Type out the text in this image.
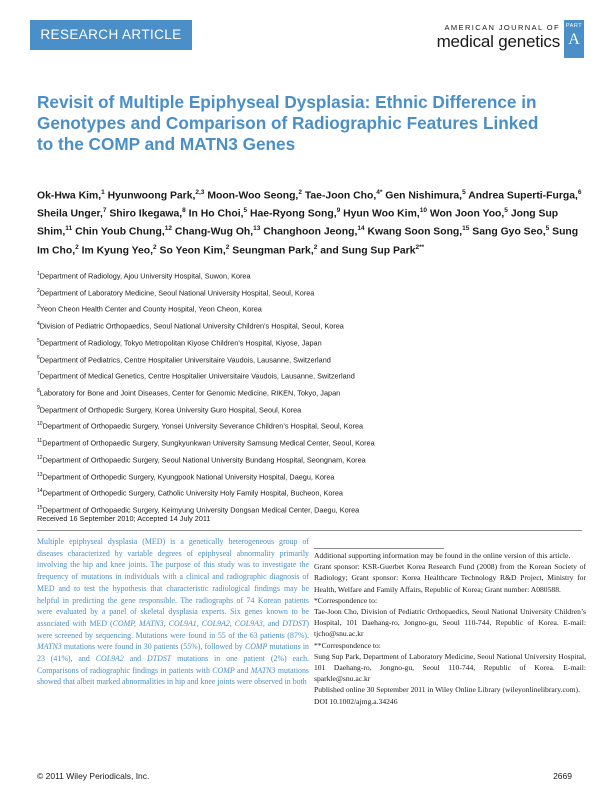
RESEARCH ARTICLE	AMERICAN JOURNAL OF
medical genetics
PART
A
Revisit of Multiple Epiphyseal Dysplasia: Ethnic Difference in Genotypes and Comparison of Radiographic Features Linked to the COMP and MATN3 Genes
Ok-Hwa Kim,$^1$ Hyunwoong Park,$^{2,3}$ Moon-Woo Seong,$^2$ Tae-Joon Cho,$^{4*}$ Gen Nishimura,$^5$ Andrea Superti-Furga,$^6$ Sheila Unger,$^7$ Shiro Ikegawa,$^8$ In Ho Choi,$^5$ Hae-Ryong Song,$^9$ Hyun Woo Kim,$^{10}$ Won Joon Yoo,$^5$ Jong Sup Shim,$^{11}$ Chin Youb Chung,$^{12}$ Chang-Wug Oh,$^{13}$ Changhoon Jeong,$^{14}$ Kwang Soon Song,$^{15}$ Sang Gyo Seo,$^5$ Sung Im Cho,$^2$ Im Kyung Yeo,$^2$ So Yeon Kim,$^2$ Seungman Park,$^2$ and Sung Sup Park$^{2**}$
$^1$Department of Radiology, Ajou University Hospital, Suwon, Korea
$^2$Department of Laboratory Medicine, Seoul National University Hospital, Seoul, Korea
$^3$Yeon Cheon Health Center and County Hospital, Yeon Cheon, Korea
$^4$Division of Pediatric Orthopaedics, Seoul National University Children’s Hospital, Seoul, Korea
$^5$Department of Radiology, Tokyo Metropolitan Kiyose Children’s Hospital, Kiyose, Japan
$^6$Department of Pediatrics, Centre Hospitalier Universitaire Vaudois, Lausanne, Switzerland
$^7$Department of Medical Genetics, Centre Hospitalier Universitaire Vaudois, Lausanne, Switzerland
$^8$Laboratory for Bone and Joint Diseases, Center for Genomic Medicine, RIKEN, Tokyo, Japan
$^9$Department of Orthopedic Surgery, Korea University Guro Hospital, Seoul, Korea
$^{10}$Department of Orthopaedic Surgery, Yonsei University Severance Children’s Hospital, Seoul, Korea
$^{11}$Department of Orthopaedic Surgery, Sungkyunkwan University Samsung Medical Center, Seoul, Korea
$^{12}$Department of Orthopaedic Surgery, Seoul National University Bundang Hospital, Seongnam, Korea
$^{13}$Department of Orthopedic Surgery, Kyungpook National University Hospital, Daegu, Korea
$^{14}$Department of Orthopedic Surgery, Catholic University Holy Family Hospital, Bucheon, Korea
$^{15}$Department of Orthopaedic Surgery, Keimyung University Dongsan Medical Center, Daegu, Korea
Received 16 September 2010; Accepted 14 July 2011
Multiple epiphyseal dysplasia (MED) is a genetically heterogeneous group of diseases characterized by variable degrees of epiphyseal abnormality primarily involving the hip and knee joints. The purpose of this study was to investigate the frequency of mutations in individuals with a clinical and radiographic diagnosis of MED and to test the hypothesis that characteristic radiological findings may be helpful in predicting the gene responsible. The radiographs of 74 Korean patients were evaluated by a panel of skeletal dysplasia experts. Six genes known to be associated with MED (COMP, MATN3, COL9A1, COL9A2, COL9A3, and DTDST) were screened by sequencing. Mutations were found in 55 of the 63 patients (87%). MATN3 mutations were found in 30 patients (55%), followed by COMP mutations in 23 (41%), and COL9A2 and DTDST mutations in one patient (2%) each. Comparisons of radiographic findings in patients with COMP and MATN3 mutations showed that albeit marked abnormalities in hip and knee joints were observed in both

Additional supporting information may be found in the online version of this article.

Grant sponsor: KSR-Guerbet Korea Research Fund (2008) from the Korean Society of Radiology; Grant sponsor: Korea Healthcare Technology R&D Project, Ministry for Health, Welfare and Family Affairs, Republic of Korea; Grant number: A080588.

*Correspondence to:

Tae-Joon Cho, Division of Pediatric Orthopaedics, Seoul National University Children’s Hospital, 101 Daehang-ro, Jongno-gu, Seoul 110-744, Republic of Korea. E-mail: tjcho@snu.ac.kr

**Correspondence to:

Sung Sup Park, Department of Laboratory Medicine, Seoul National University Hospital, 101 Daehang-ro, Jongno-gu, Seoul 110-744, Republic of Korea. E-mail: sparkle@snu.ac.kr

Published online 30 September 2011 in Wiley Online Library (wileyonlinelibrary.com).

DOI 10.1002/ajmg.a.34246

© 2011 Wiley Periodicals, Inc.	2669
